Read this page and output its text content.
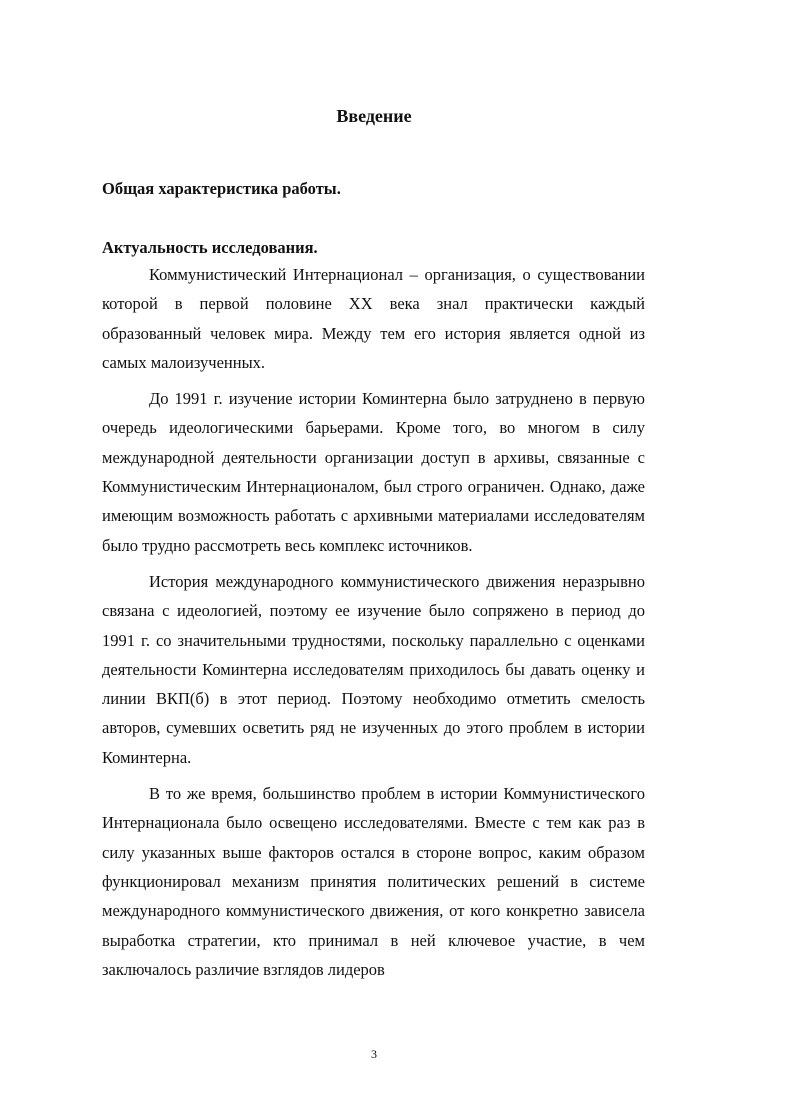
Введение
Общая характеристика работы.
Актуальность исследования.

Коммунистический Интернационал – организация, о существовании которой в первой половине XX века знал практически каждый образованный человек мира. Между тем его история является одной из самых малоизученных.

До 1991 г. изучение истории Коминтерна было затруднено в первую очередь идеологическими барьерами. Кроме того, во многом в силу международной деятельности организации доступ в архивы, связанные с Коммунистическим Интернационалом, был строго ограничен. Однако, даже имеющим возможность работать с архивными материалами исследователям было трудно рассмотреть весь комплекс источников.

История международного коммунистического движения неразрывно связана с идеологией, поэтому ее изучение было сопряжено в период до 1991 г. со значительными трудностями, поскольку параллельно с оценками деятельности Коминтерна исследователям приходилось бы давать оценку и линии ВКП(б) в этот период. Поэтому необходимо отметить смелость авторов, сумевших осветить ряд не изученных до этого проблем в истории Коминтерна.

В то же время, большинство проблем в истории Коммунистического Интернационала было освещено исследователями. Вместе с тем как раз в силу указанных выше факторов остался в стороне вопрос, каким образом функционировал механизм принятия политических решений в системе международного коммунистического движения, от кого конкретно зависела выработка стратегии, кто принимал в ней ключевое участие, в чем заключалось различие взглядов лидеров

3
